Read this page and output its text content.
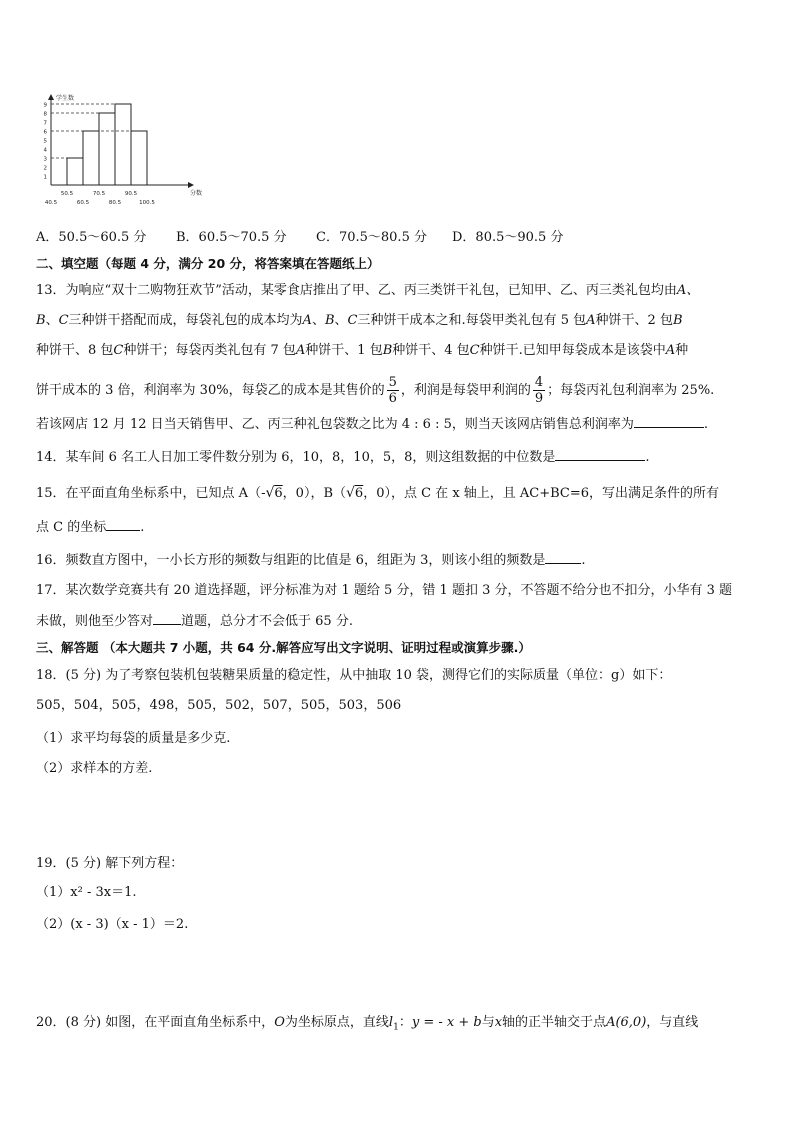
1
2
3
4
5
6
7
8
9
40.5
50.5
60.5
70.5
80.5
90.5
100.5
学生数
分数
A．50.5～60.5 分 B．60.5～70.5 分 C．70.5～80.5 分 D．80.5～90.5 分
二、填空题（每题 4 分，满分 20 分，将答案填在答题纸上）
13．为响应“双十二购物狂欢节”活动，某零食店推出了甲、乙、丙三类饼干礼包，已知甲、乙、丙三类礼包均由A、
B、C三种饼干搭配而成，每袋礼包的成本均为A、B、C三种饼干成本之和.每袋甲类礼包有 5 包A种饼干、2 包B
种饼干、8 包C种饼干；每袋丙类礼包有 7 包A种饼干、1 包B种饼干、4 包C种饼干.已知甲每袋成本是该袋中A种
饼干成本的 3 倍，利润率为 30%，每袋乙的成本是其售价的 $\frac{5}{6}$ ，利润是每袋甲利润的 $\frac{4}{9}$ ；每袋丙礼包利润率为 25%.
若该网店 12 月 12 日当天销售甲、乙、丙三种礼包袋数之比为 4 : 6 : 5，则当天该网店销售总利润率为	.
14．某车间 6 名工人日加工零件数分别为 6，10，8，10，5，8，则这组数据的中位数是	.
15．在平面直角坐标系中，已知点 A（-√6，0），B（√6，0），点 C 在 x 轴上，且 AC+BC=6，写出满足条件的所有
点 C 的坐标	.
16．频数直方图中，一小长方形的频数与组距的比值是 6，组距为 3，则该小组的频数是	.
17．某次数学竞赛共有 20 道选择题，评分标准为对 1 题给 5 分，错 1 题扣 3 分，不答题不给分也不扣分，小华有 3 题
未做，则他至少答对 道题，总分才不会低于 65 分.
三、解答题 （本大题共 7 小题，共 64 分.解答应写出文字说明、证明过程或演算步骤.）
18．(5 分) 为了考察包装机包装糖果质量的稳定性，从中抽取 10 袋，测得它们的实际质量（单位：g）如下：
505，504，505，498，505，502，507，505，503，506
（1）求平均每袋的质量是多少克.
（2）求样本的方差.
19．(5 分) 解下列方程：
（1）x² - 3x＝1.
（2）(x - 3)（x - 1）＝2.
20．(8 分) 如图，在平面直角坐标系中，O为坐标原点，直线$l_1$：y = - x + b与x轴的正半轴交于点A(6,0)，与直线
